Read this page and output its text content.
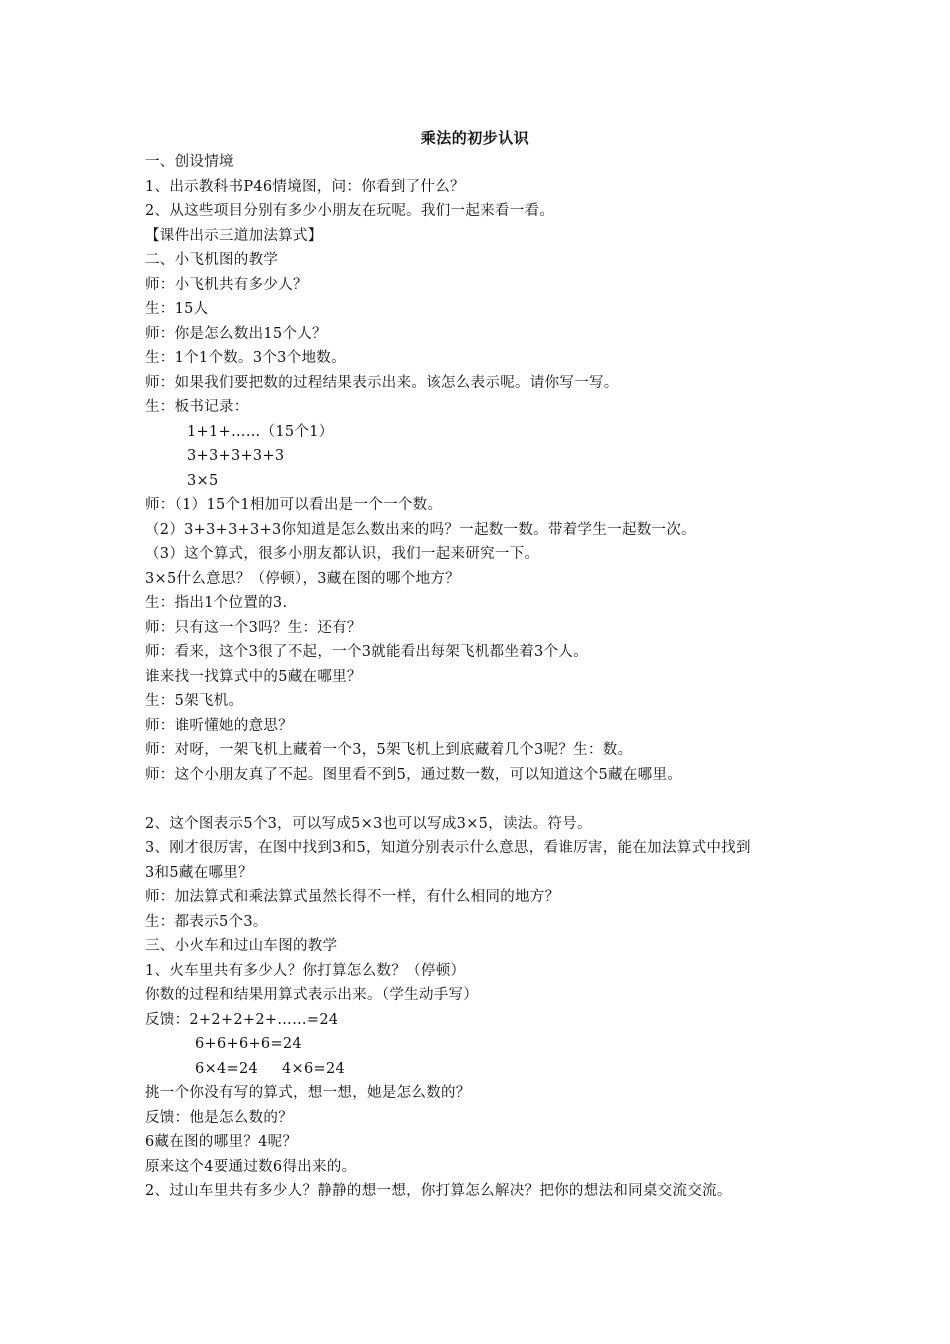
乘法的初步认识
一、创设情境
1、出示教科书P46情境图，问：你看到了什么？
2、从这些项目分别有多少小朋友在玩呢。我们一起来看一看。
【课件出示三道加法算式】
二、小飞机图的教学
师：小飞机共有多少人？
生：15人
师：你是怎么数出15个人？
生：1个1个数。3个3个地数。
师：如果我们要把数的过程结果表示出来。该怎么表示呢。请你写一写。
生：板书记录：
1+1+……（15个1）
3+3+3+3+3
3×5
师：（1）15个1相加可以看出是一个一个数。
（2）3+3+3+3+3你知道是怎么数出来的吗？一起数一数。带着学生一起数一次。
（3）这个算式，很多小朋友都认识，我们一起来研究一下。
3×5什么意思？（停顿），3藏在图的哪个地方？
生：指出1个位置的3.
师：只有这一个3吗？生：还有？
师：看来，这个3很了不起，一个3就能看出每架飞机都坐着3个人。
谁来找一找算式中的5藏在哪里？
生：5架飞机。
师：谁听懂她的意思？
师：对呀，一架飞机上藏着一个3，5架飞机上到底藏着几个3呢？生：数。
师：这个小朋友真了不起。图里看不到5，通过数一数，可以知道这个5藏在哪里。
2、这个图表示5个3，可以写成5×3也可以写成3×5，读法。符号。
3、刚才很厉害，在图中找到3和5，知道分别表示什么意思，看谁厉害，能在加法算式中找到
3和5藏在哪里？
师：加法算式和乘法算式虽然长得不一样，有什么相同的地方？
生：都表示5个3。
三、小火车和过山车图的教学
1、火车里共有多少人？你打算怎么数？（停顿）
你数的过程和结果用算式表示出来。（学生动手写）
反馈：2+2+2+2+……=24
6+6+6+6=24
6×4=24 4×6=24
挑一个你没有写的算式，想一想，她是怎么数的？
反馈：他是怎么数的？
6藏在图的哪里？4呢？
原来这个4要通过数6得出来的。
2、过山车里共有多少人？静静的想一想，你打算怎么解决？把你的想法和同桌交流交流。
